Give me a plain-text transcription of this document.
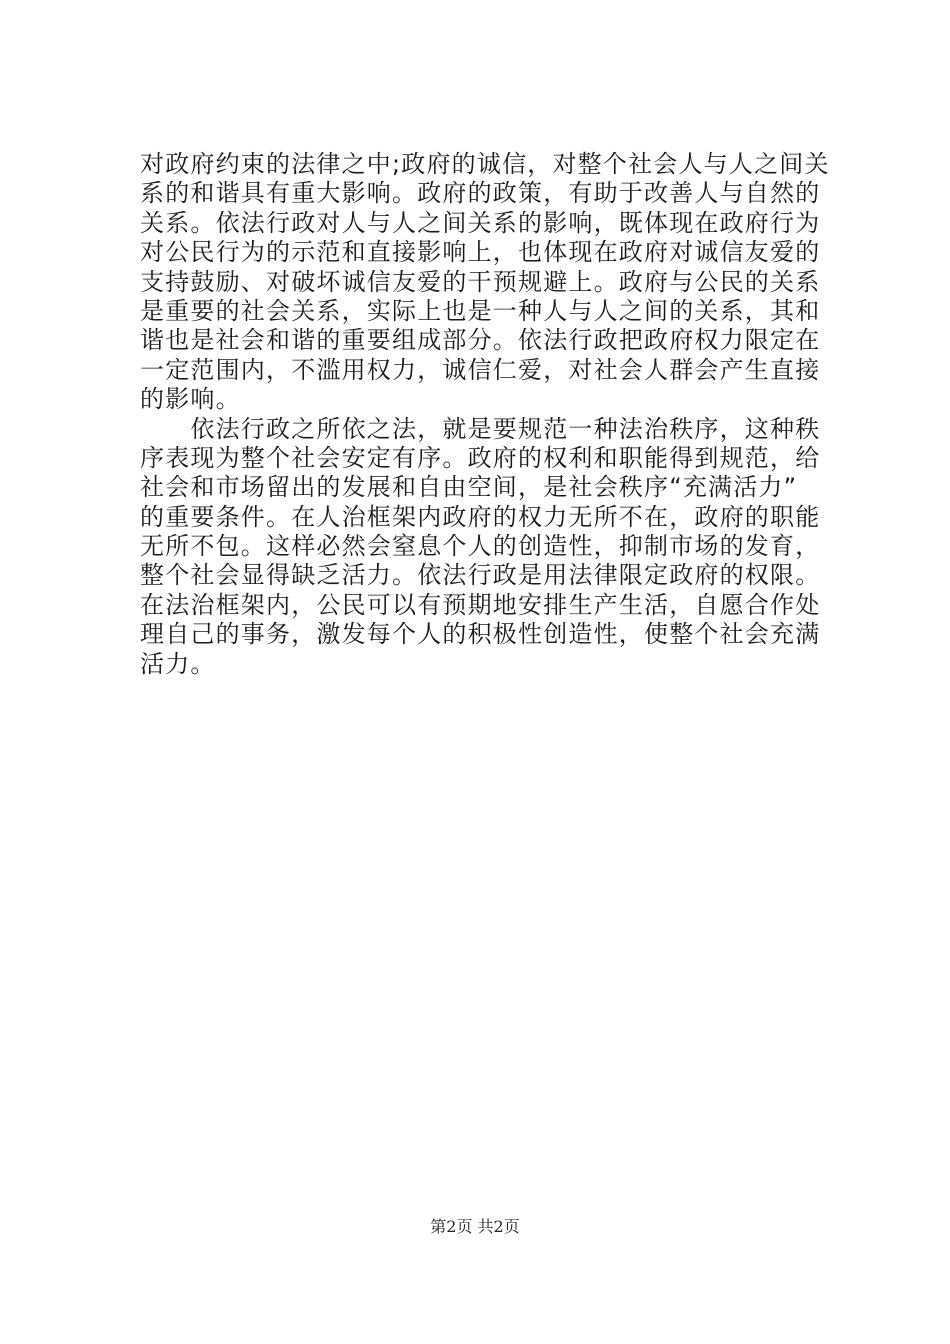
对政府约束的法律之中;政府的诚信，对整个社会人与人之间关
系的和谐具有重大影响。政府的政策，有助于改善人与自然的
关系。依法行政对人与人之间关系的影响，既体现在政府行为
对公民行为的示范和直接影响上，也体现在政府对诚信友爱的
支持鼓励、对破坏诚信友爱的干预规避上。政府与公民的关系
是重要的社会关系，实际上也是一种人与人之间的关系，其和
谐也是社会和谐的重要组成部分。依法行政把政府权力限定在
一定范围内，不滥用权力，诚信仁爱，对社会人群会产生直接
的影响。
　　依法行政之所依之法，就是要规范一种法治秩序，这种秩
序表现为整个社会安定有序。政府的权利和职能得到规范，给
社会和市场留出的发展和自由空间，是社会秩序“充满活力”
的重要条件。在人治框架内政府的权力无所不在，政府的职能
无所不包。这样必然会窒息个人的创造性，抑制市场的发育，
整个社会显得缺乏活力。依法行政是用法律限定政府的权限。
在法治框架内，公民可以有预期地安排生产生活，自愿合作处
理自己的事务，激发每个人的积极性创造性，使整个社会充满
活力。
第2页 共2页
